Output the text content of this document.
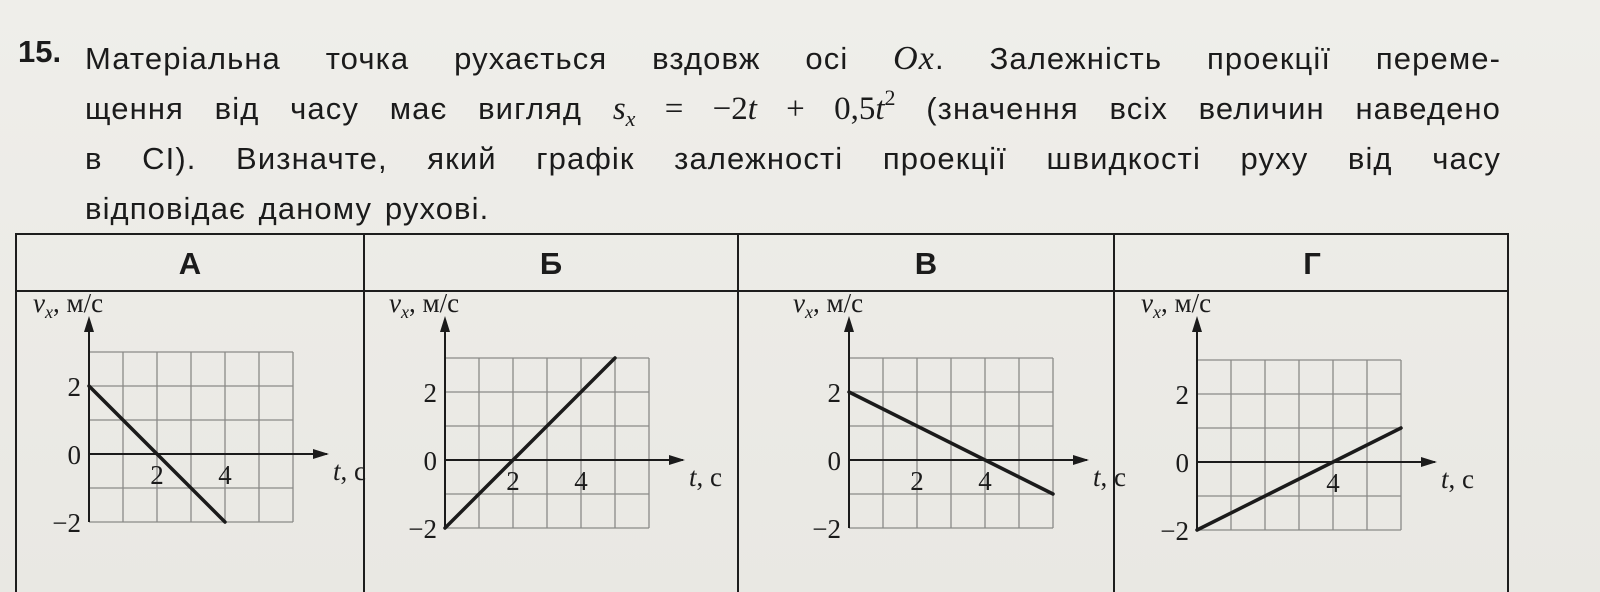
15. Матеріальна точка рухається вздовж осі Ox. Залежність проекції переме-
щення від часу має вигляд $s_x = -2t + 0,5t^2$ (значення всіх величин наведено
в СІ). Визначте, який графік залежності проекції швидкості руху від часу
відповідає даному рухові.
А
$v_x$, м/с
t, с
2
0
−2
2 4
Б
$v_x$, м/с
t, с
2
0
−2
2 4
В
$v_x$, м/с
t, с
2
0
−2
2 4
Г
$v_x$, м/с
t, с
2
0
−2
4
